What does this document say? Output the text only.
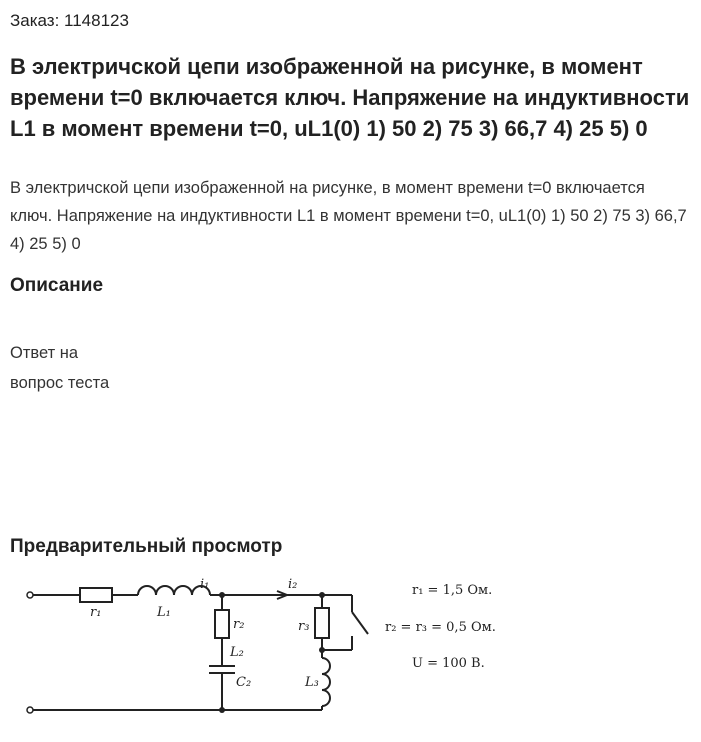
Заказ: 1148123
В электричской цепи изображенной на рисунке, в момент времени t=0 включается ключ. Напряжение на индуктивности L1 в момент времени t=0, uL1(0) 1) 50 2) 75 3) 66,7 4) 25 5) 0

В электричской цепи изображенной на рисунке, в момент времени t=0 включается ключ. Напряжение на индуктивности L1 в момент времени t=0, uL1(0) 1) 50 2) 75 3) 66,7 4) 25 5) 0

Описание
Ответ на
вопрос теста
Предварительный просмотр
r₁	L₁
i₁	i₂
r₂
L₂
C₂
r₃
L₃
r₁ = 1,5 Ом.
r₂ = r₃ = 0,5 Ом.
U = 100 В.
